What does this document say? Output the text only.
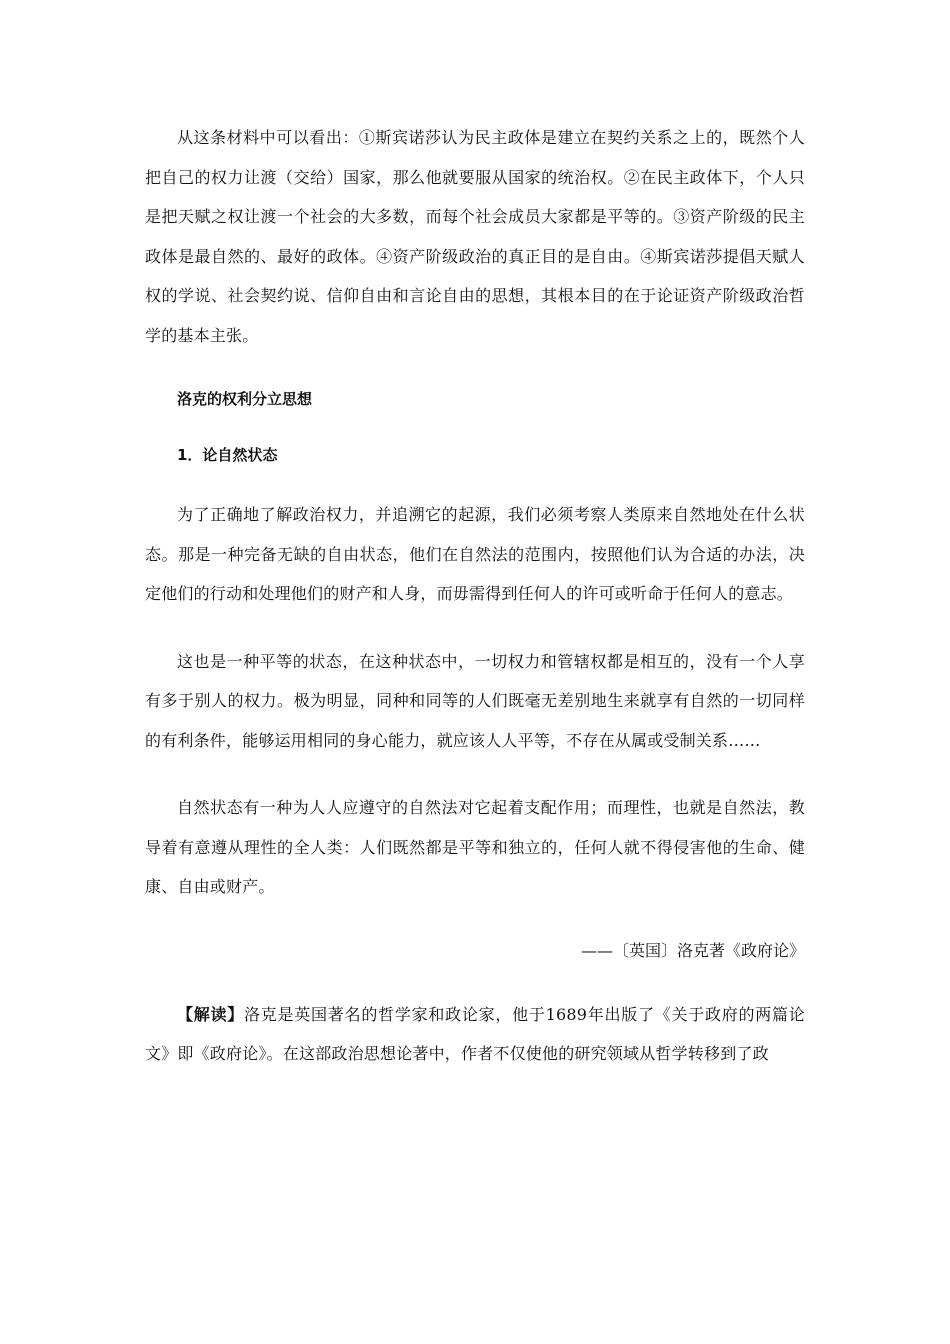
从这条材料中可以看出：①斯宾诺莎认为民主政体是建立在契约关系之上的，既然个人把自己的权力让渡（交给）国家，那么他就要服从国家的统治权。②在民主政体下，个人只是把天赋之权让渡一个社会的大多数，而每个社会成员大家都是平等的。③资产阶级的民主政体是最自然的、最好的政体。④资产阶级政治的真正目的是自由。④斯宾诺莎提倡天赋人权的学说、社会契约说、信仰自由和言论自由的思想，其根本目的在于论证资产阶级政治哲学的基本主张。

洛克的权利分立思想

1．论自然状态

为了正确地了解政治权力，并追溯它的起源，我们必须考察人类原来自然地处在什么状态。那是一种完备无缺的自由状态，他们在自然法的范围内，按照他们认为合适的办法，决定他们的行动和处理他们的财产和人身，而毋需得到任何人的许可或听命于任何人的意志。

这也是一种平等的状态，在这种状态中，一切权力和管辖权都是相互的，没有一个人享有多于别人的权力。极为明显，同种和同等的人们既毫无差别地生来就享有自然的一切同样的有利条件，能够运用相同的身心能力，就应该人人平等，不存在从属或受制关系……

自然状态有一种为人人应遵守的自然法对它起着支配作用；而理性，也就是自然法，教导着有意遵从理性的全人类：人们既然都是平等和独立的，任何人就不得侵害他的生命、健康、自由或财产。

——〔英国〕洛克著《政府论》

【解读】洛克是英国著名的哲学家和政论家，他于1689年出版了《关于政府的两篇论文》即《政府论》。在这部政治思想论著中，作者不仅使他的研究领域从哲学转移到了政
